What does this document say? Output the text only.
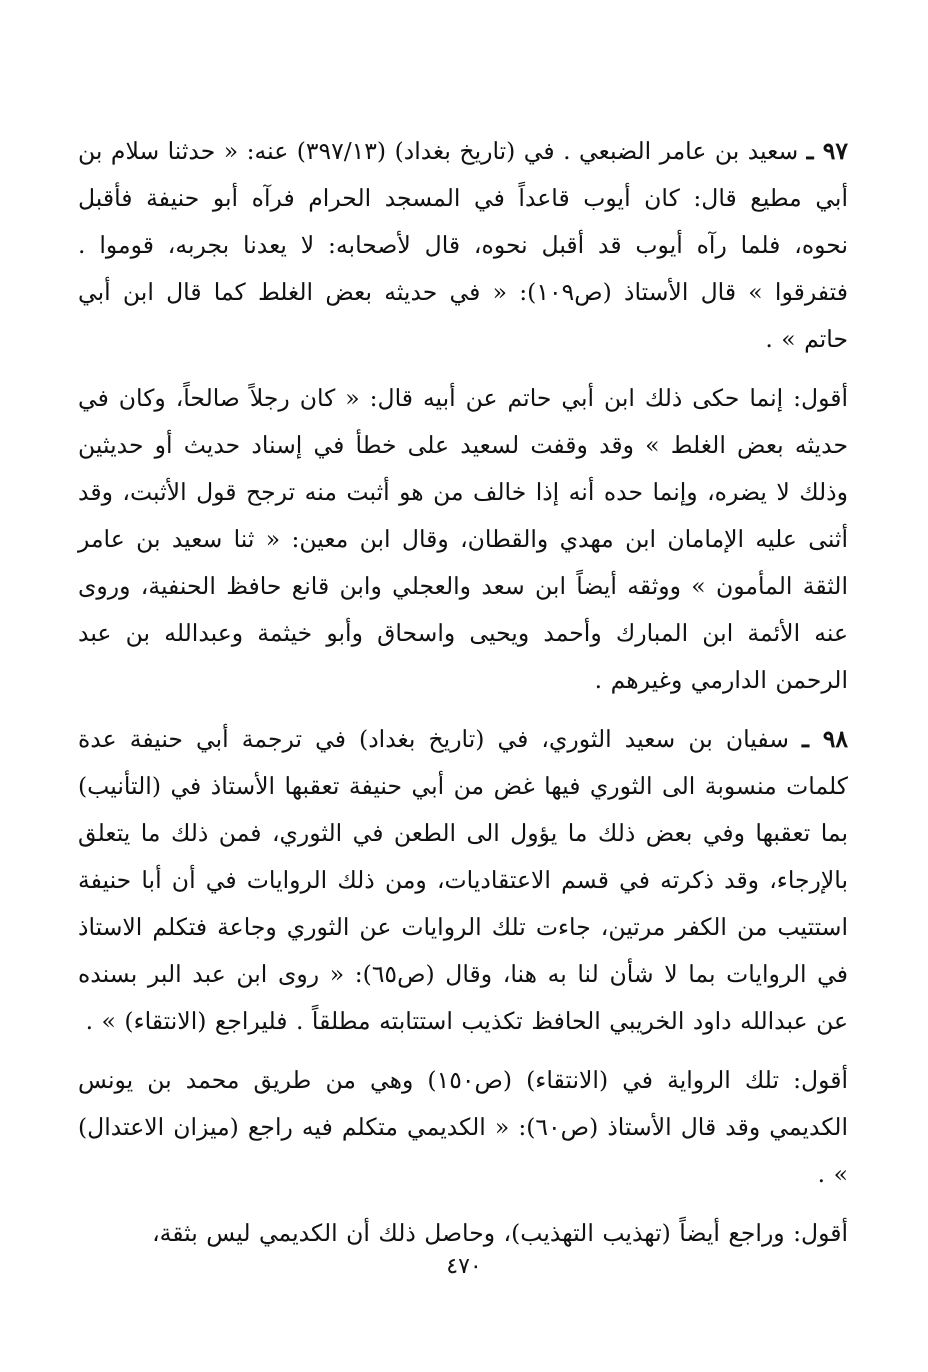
٩٧ ـ سعيد بن عامر الضبعي . في (تاريخ بغداد) (٣٩٧/١٣) عنه: « حدثنا سلام بن أبي مطيع قال: كان أيوب قاعداً في المسجد الحرام فرآه أبو حنيفة فأقبل نحوه، فلما رآه أيوب قد أقبل نحوه، قال لأصحابه: لا يعدنا بجربه، قوموا . فتفرقوا » قال الأستاذ (ص١٠٩): « في حديثه بعض الغلط كما قال ابن أبي حاتم » .

أقول: إنما حكى ذلك ابن أبي حاتم عن أبيه قال: « كان رجلاً صالحاً، وكان في حديثه بعض الغلط » وقد وقفت لسعيد على خطأ في إسناد حديث أو حديثين وذلك لا يضره، وإنما حده أنه إذا خالف من هو أثبت منه ترجح قول الأثبت، وقد أثنى عليه الإمامان ابن مهدي والقطان، وقال ابن معين: « ثنا سعيد بن عامر الثقة المأمون » ووثقه أيضاً ابن سعد والعجلي وابن قانع حافظ الحنفية، وروى عنه الأئمة ابن المبارك وأحمد ويحيى واسحاق وأبو خيثمة وعبدالله بن عبد الرحمن الدارمي وغيرهم .

٩٨ ـ سفيان بن سعيد الثوري، في (تاريخ بغداد) في ترجمة أبي حنيفة عدة كلمات منسوبة الى الثوري فيها غض من أبي حنيفة تعقبها الأستاذ في (التأنيب) بما تعقبها وفي بعض ذلك ما يؤول الى الطعن في الثوري، فمن ذلك ما يتعلق بالإرجاء، وقد ذكرته في قسم الاعتقاديات، ومن ذلك الروايات في أن أبا حنيفة استتيب من الكفر مرتين، جاءت تلك الروايات عن الثوري وجاعة فتكلم الاستاذ في الروايات بما لا شأن لنا به هنا، وقال (ص٦٥): « روى ابن عبد البر بسنده عن عبدالله داود الخريبي الحافظ تكذيب استتابته مطلقاً . فليراجع (الانتقاء) » .

أقول: تلك الرواية في (الانتقاء) (ص١٥٠) وهي من طريق محمد بن يونس الكديمي وقد قال الأستاذ (ص٦٠): « الكديمي متكلم فيه راجع (ميزان الاعتدال) » .

أقول: وراجع أيضاً (تهذيب التهذيب)، وحاصل ذلك أن الكديمي ليس بثقة،

٤٧٠
